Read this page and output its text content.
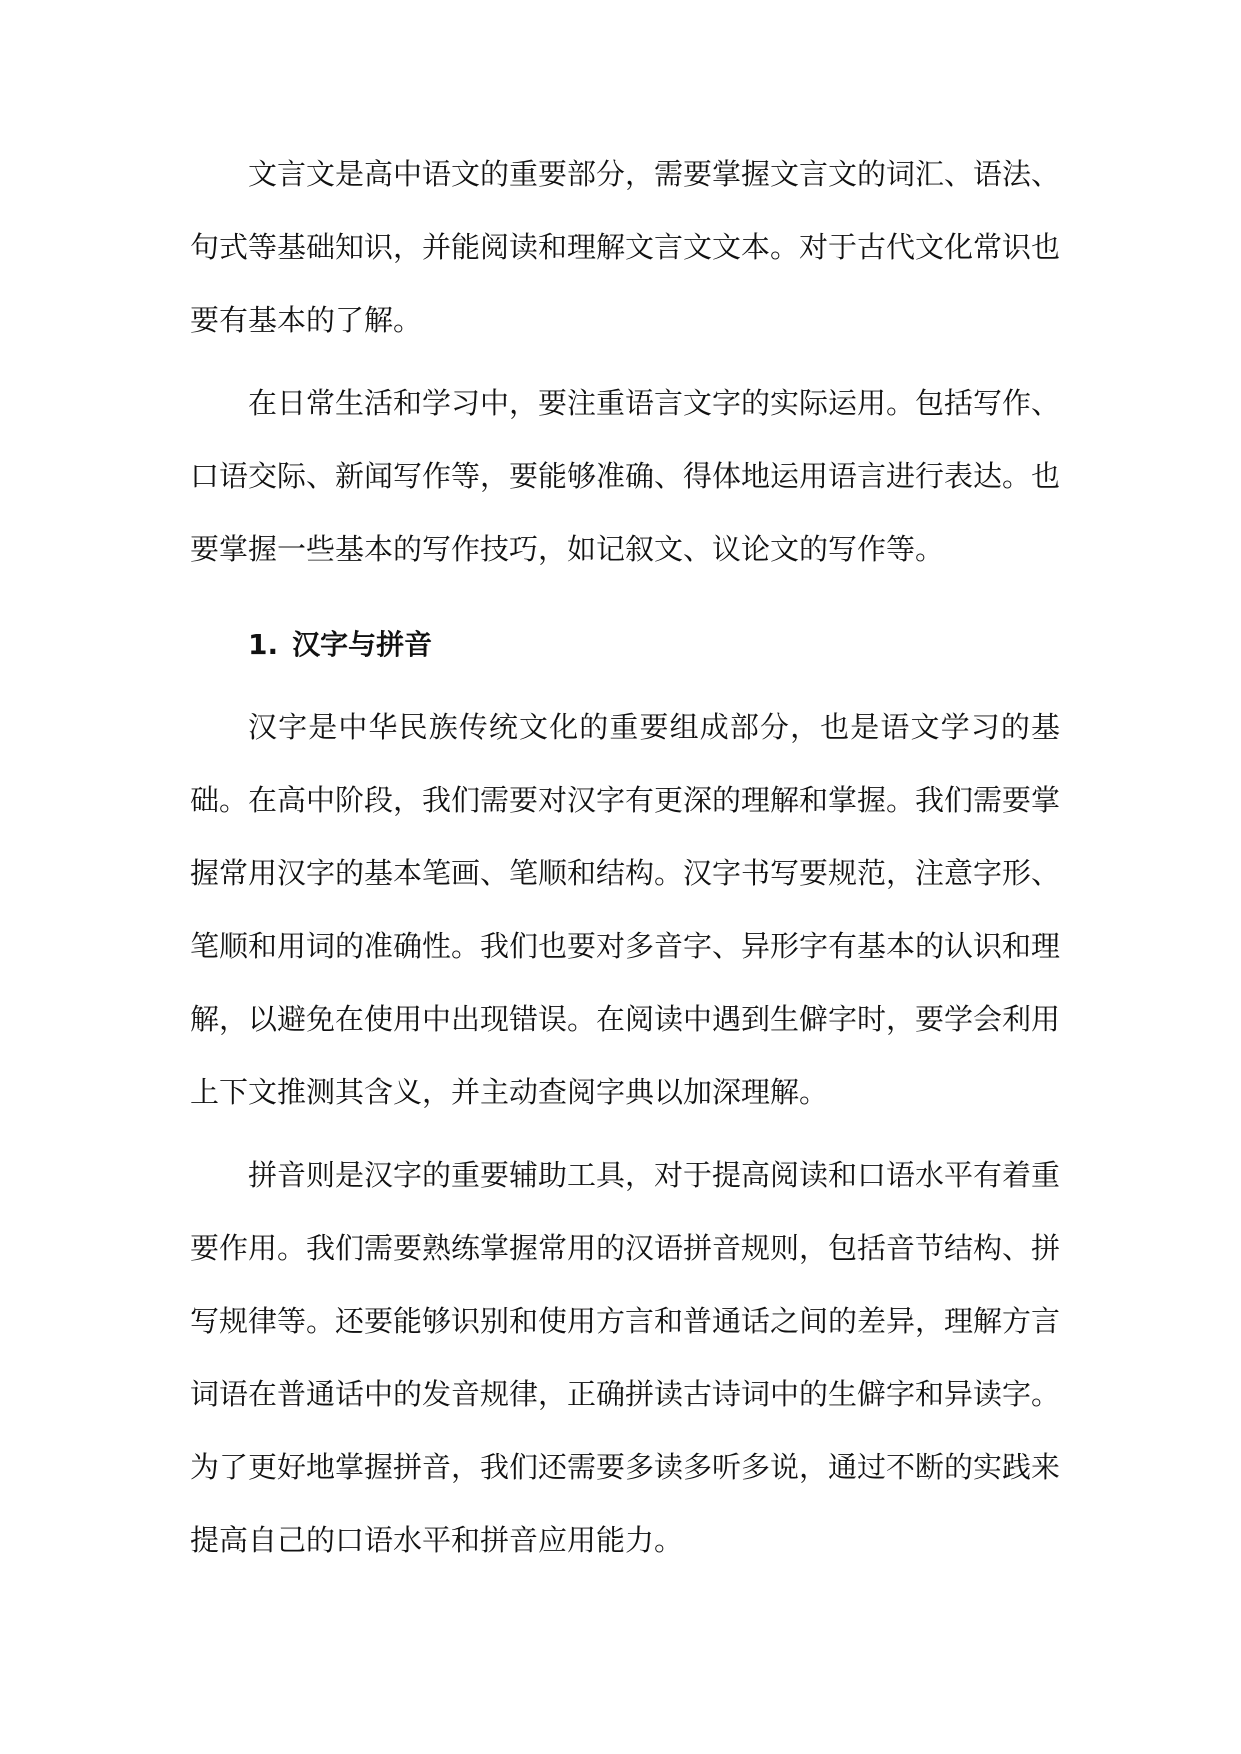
文言文是高中语文的重要部分，需要掌握文言文的词汇、语法、句式等基础知识，并能阅读和理解文言文文本。对于古代文化常识也要有基本的了解。

在日常生活和学习中，要注重语言文字的实际运用。包括写作、口语交际、新闻写作等，要能够准确、得体地运用语言进行表达。也要掌握一些基本的写作技巧，如记叙文、议论文的写作等。

1. 汉字与拼音

汉字是中华民族传统文化的重要组成部分，也是语文学习的基础。在高中阶段，我们需要对汉字有更深的理解和掌握。我们需要掌握常用汉字的基本笔画、笔顺和结构。汉字书写要规范，注意字形、笔顺和用词的准确性。我们也要对多音字、异形字有基本的认识和理解，以避免在使用中出现错误。在阅读中遇到生僻字时，要学会利用上下文推测其含义，并主动查阅字典以加深理解。

拼音则是汉字的重要辅助工具，对于提高阅读和口语水平有着重要作用。我们需要熟练掌握常用的汉语拼音规则，包括音节结构、拼写规律等。还要能够识别和使用方言和普通话之间的差异，理解方言词语在普通话中的发音规律，正确拼读古诗词中的生僻字和异读字。为了更好地掌握拼音，我们还需要多读多听多说，通过不断的实践来提高自己的口语水平和拼音应用能力。
